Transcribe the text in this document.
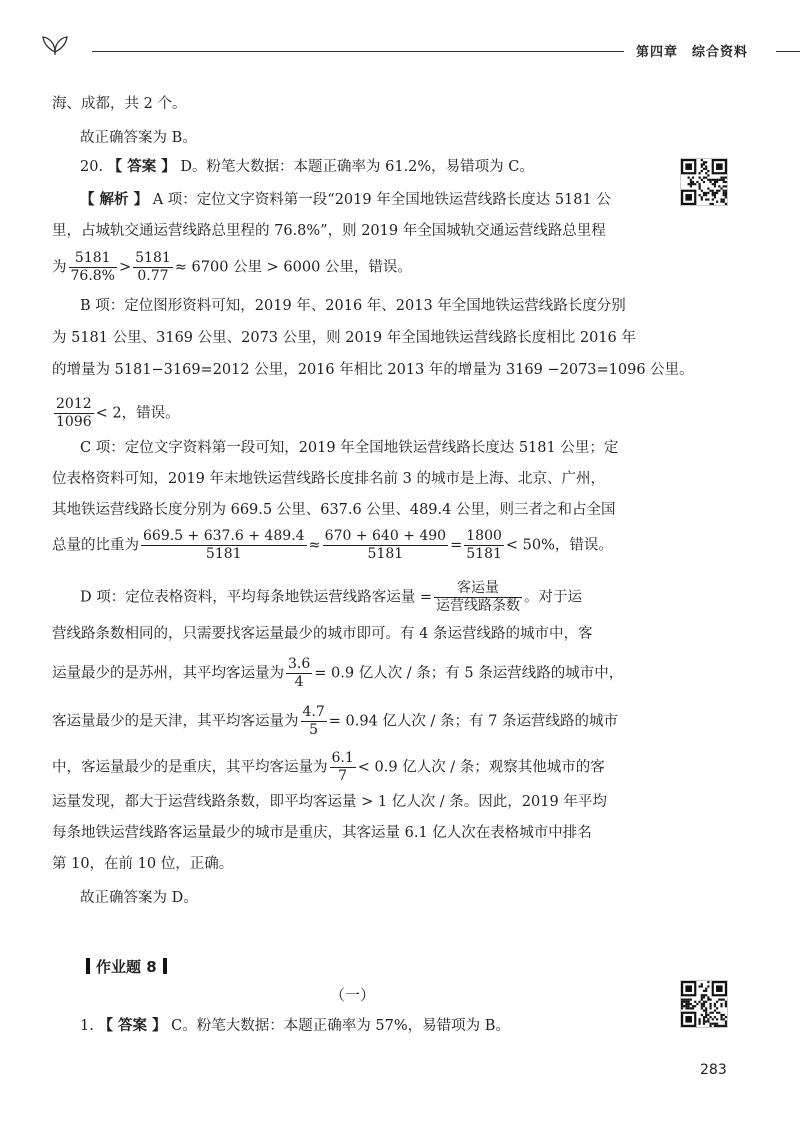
第四章 综合资料
海、成都，共 2 个。
故正确答案为 B。
20. 【 答案 】 D。粉笔大数据：本题正确率为 61.2%，易错项为 C。
【 解析 】 A 项：定位文字资料第一段“2019 年全国地铁运营线路长度达 5181 公
里，占城轨交通运营线路总里程的 76.8%”，则 2019 年全国城轨交通运营线路总里程
为 $\frac{5181}{76.8\%} > \frac{5181}{0.77} \approx 6700$ 公里 > 6000 公里，错误。
B 项：定位图形资料可知，2019 年、2016 年、2013 年全国地铁运营线路长度分别
为 5181 公里、3169 公里、2073 公里，则 2019 年全国地铁运营线路长度相比 2016 年
的增量为 5181−3169=2012 公里，2016 年相比 2013 年的增量为 3169 −2073=1096 公里。
$\frac{2012}{1096} < 2$，错误。
C 项：定位文字资料第一段可知，2019 年全国地铁运营线路长度达 5181 公里；定
位表格资料可知，2019 年末地铁运营线路长度排名前 3 的城市是上海、北京、广州，
其地铁运营线路长度分别为 669.5 公里、637.6 公里、489.4 公里，则三者之和占全国
总量的比重为 $\frac{669.5 + 637.6 + 489.4}{5181} \approx \frac{670 + 640 + 490}{5181} = \frac{1800}{5181} < 50\%$，错误。
D 项：定位表格资料，平均每条地铁运营线路客运量 = $\frac{\text{客运量}}{\text{运营线路条数}}$ 。对于运
营线路条数相同的，只需要找客运量最少的城市即可。有 4 条运营线路的城市中，客
运量最少的是苏州，其平均客运量为 $\frac{3.6}{4} = 0.9$ 亿人次 / 条；有 5 条运营线路的城市中，
客运量最少的是天津，其平均客运量为 $\frac{4.7}{5} = 0.94$ 亿人次 / 条；有 7 条运营线路的城市
中，客运量最少的是重庆，其平均客运量为 $\frac{6.1}{7} < 0.9$ 亿人次 / 条；观察其他城市的客
运量发现，都大于运营线路条数，即平均客运量 > 1 亿人次 / 条。因此，2019 年平均
每条地铁运营线路客运量最少的城市是重庆，其客运量 6.1 亿人次在表格城市中排名
第 10，在前 10 位，正确。
故正确答案为 D。
作业题 8
（一）
1. 【 答案 】 C。粉笔大数据：本题正确率为 57%，易错项为 B。
283
